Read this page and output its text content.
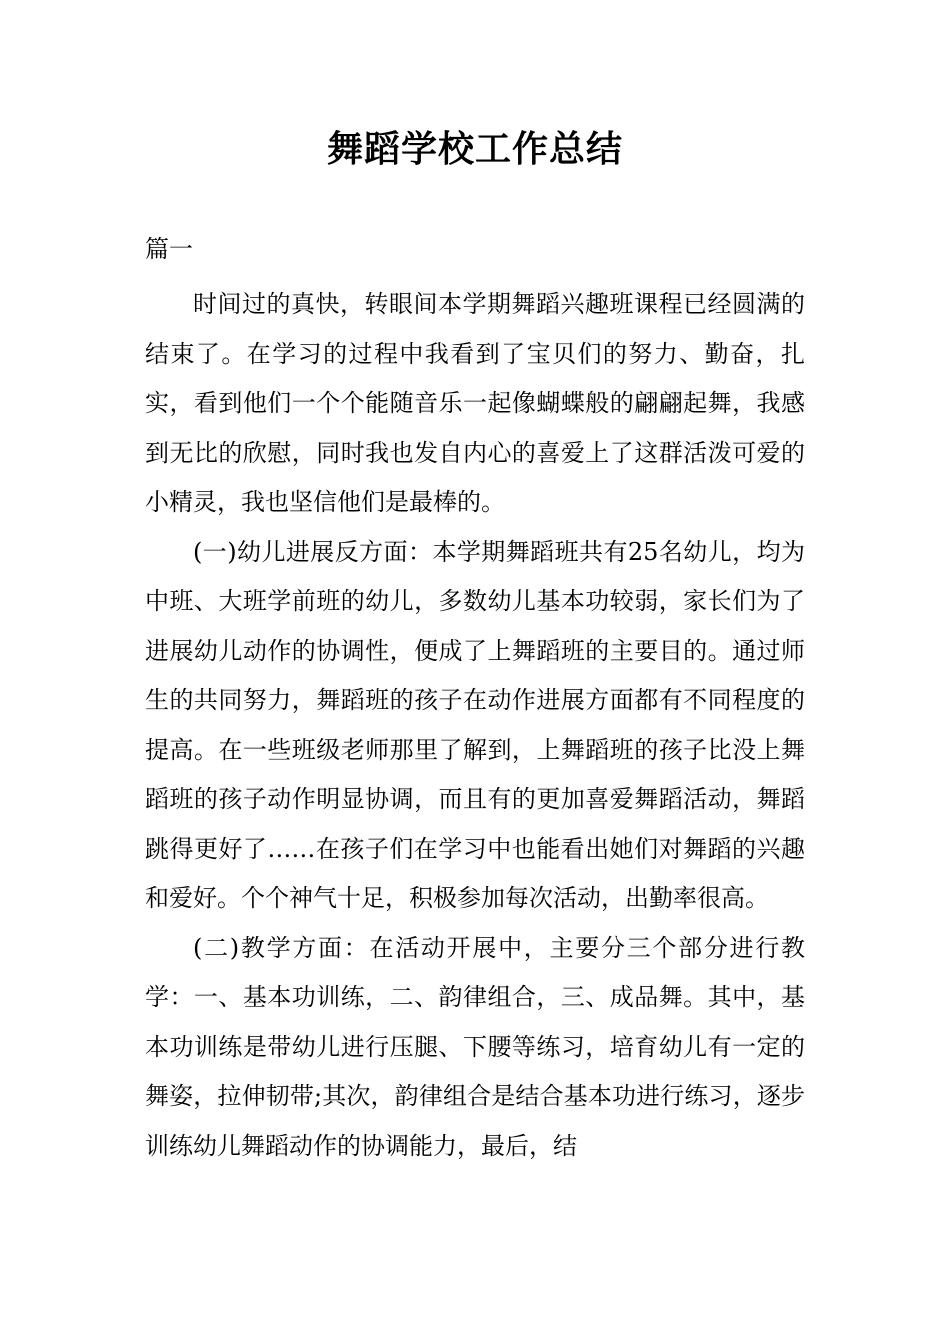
舞蹈学校工作总结
篇一

时间过的真快，转眼间本学期舞蹈兴趣班课程已经圆满的结束了。在学习的过程中我看到了宝贝们的努力、勤奋，扎实，看到他们一个个能随音乐一起像蝴蝶般的翩翩起舞，我感到无比的欣慰，同时我也发自内心的喜爱上了这群活泼可爱的小精灵，我也坚信他们是最棒的。

(一)幼儿进展反方面：本学期舞蹈班共有25名幼儿，均为中班、大班学前班的幼儿，多数幼儿基本功较弱，家长们为了进展幼儿动作的协调性，便成了上舞蹈班的主要目的。通过师生的共同努力，舞蹈班的孩子在动作进展方面都有不同程度的提高。在一些班级老师那里了解到，上舞蹈班的孩子比没上舞蹈班的孩子动作明显协调，而且有的更加喜爱舞蹈活动，舞蹈跳得更好了……在孩子们在学习中也能看出她们对舞蹈的兴趣和爱好。个个神气十足，积极参加每次活动，出勤率很高。

(二)教学方面：在活动开展中，主要分三个部分进行教学：一、基本功训练，二、韵律组合，三、成品舞。其中，基本功训练是带幼儿进行压腿、下腰等练习，培育幼儿有一定的舞姿，拉伸韧带;其次，韵律组合是结合基本功进行练习，逐步训练幼儿舞蹈动作的协调能力，最后，结
